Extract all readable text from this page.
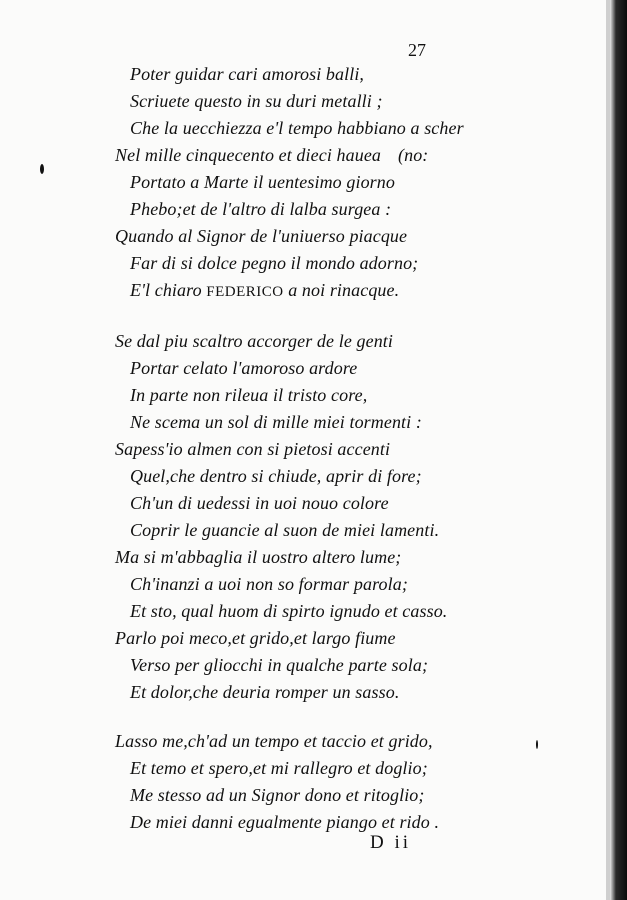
27
Poter guidar cari amorosi balli,
Scriuete questo in su duri metalli ;
Che la uecchiezza e'l tempo habbiano a scher
Nel mille cinquecento et dieci hauea (no:
Portato a Marte il uentesimo giorno
Phebo;et de l'altro di lalba surgea :
Quando al Signor de l'uniuerso piacque
Far di si dolce pegno il mondo adorno;
E'l chiaro FEDERICO a noi rinacque.
Se dal piu scaltro accorger de le genti
Portar celato l'amoroso ardore
In parte non rileua il tristo core,
Ne scema un sol di mille miei tormenti :
Sapess'io almen con si pietosi accenti
Quel,che dentro si chiude, aprir di fore;
Ch'un di uedessi in uoi nouo colore
Coprir le guancie al suon de miei lamenti.
Ma si m'abbaglia il uostro altero lume;
Ch'inanzi a uoi non so formar parola;
Et sto, qual huom di spirto ignudo et casso.
Parlo poi meco,et grido,et largo fiume
Verso per gliocchi in qualche parte sola;
Et dolor,che deuria romper un sasso.
Lasso me,ch'ad un tempo et taccio et grido,
Et temo et spero,et mi rallegro et doglio;
Me stesso ad un Signor dono et ritoglio;
De miei danni egualmente piango et rido .
D ii
